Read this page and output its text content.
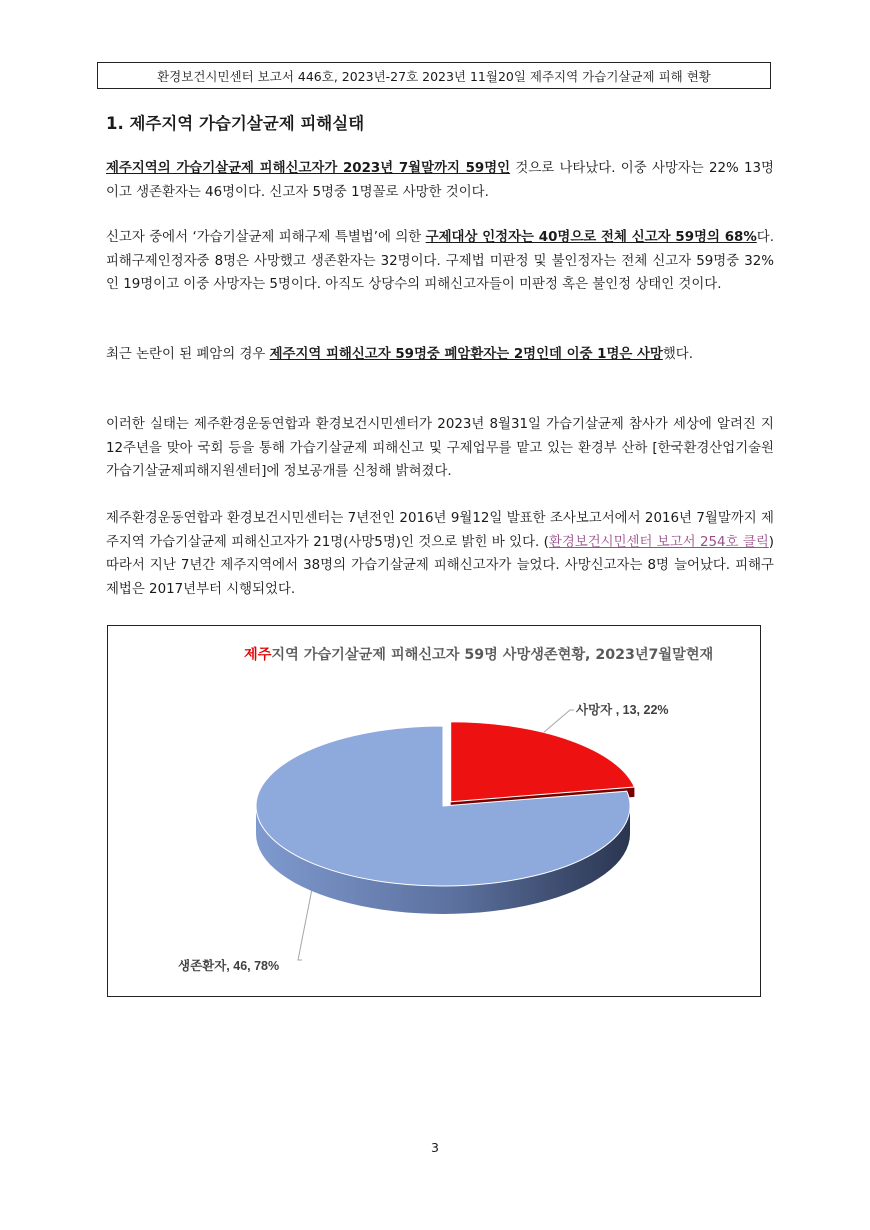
환경보건시민센터 보고서 446호, 2023년-27호 2023년 11월20일 제주지역 가습기살균제 피해 현황
1. 제주지역 가습기살균제 피해실태
제주지역의 가습기살균제 피해신고자가 2023년 7월말까지 59명인 것으로 나타났다. 이중 사망자는 22% 13명이고 생존환자는 46명이다. 신고자 5명중 1명꼴로 사망한 것이다.
신고자 중에서 ‘가습기살균제 피해구제 특별법’에 의한 구제대상 인정자는 40명으로 전체 신고자 59명의 68%다. 피해구제인정자중 8명은 사망했고 생존환자는 32명이다. 구제법 미판정 및 불인정자는 전체 신고자 59명중 32%인 19명이고 이중 사망자는 5명이다. 아직도 상당수의 피해신고자들이 미판정 혹은 불인정 상태인 것이다.
최근 논란이 된 폐암의 경우 제주지역 피해신고자 59명중 폐암환자는 2명인데 이중 1명은 사망했다.
이러한 실태는 제주환경운동연합과 환경보건시민센터가 2023년 8월31일 가습기살균제 참사가 세상에 알려진 지 12주년을 맞아 국회 등을 통해 가습기살균제 피해신고 및 구제업무를 맡고 있는 환경부 산하 [한국환경산업기술원 가습기살균제피해지원센터]에 정보공개를 신청해 밝혀졌다.
제주환경운동연합과 환경보건시민센터는 7년전인 2016년 9월12일 발표한 조사보고서에서 2016년 7월말까지 제주지역 가습기살균제 피해신고자가 21명(사망5명)인 것으로 밝힌 바 있다. (환경보건시민센터 보고서 254호 클릭) 따라서 지난 7년간 제주지역에서 38명의 가습기살균제 피해신고자가 늘었다. 사망신고자는 8명 늘어났다. 피해구제법은 2017년부터 시행되었다.
사망자 , 13, 22%
생존환자, 46, 78%
제주지역 가습기살균제 피해신고자 59명 사망생존현황, 2023년7월말현재
3
